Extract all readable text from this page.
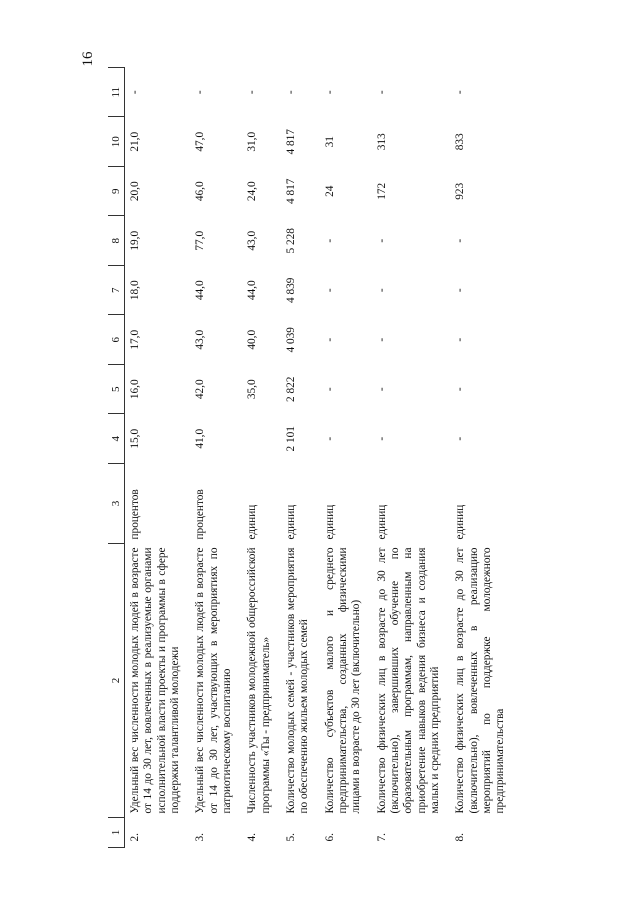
16
1	2	3	4	5	6	7	8	9	10	11
2.	Удельный вес численности молодых людей в возрасте от 14 до 30 лет, вовлеченных в реализуемые органами исполнительной власти проекты и программы в сфере поддержки талантливой молодежи	процентов	15,0	16,0	17,0	18,0	19,0	20,0	21,0	-
3.	Удельный вес численности молодых людей в возрасте от 14 до 30 лет, участвующих в мероприятиях по патриотическому воспитанию	процентов	41,0	42,0	43,0	44,0	77,0	46,0	47,0	-
4.	Численность участников молодежной общероссийской программы «Ты - предприниматель»	единиц		35,0	40,0	44,0	43,0	24,0	31,0	-
5.	Количество молодых семей - участников мероприятия по обеспечению жильем молодых семей	единиц	2 101	2 822	4 039	4 839	5 228	4 817	4 817	-
6.	Количество субъектов малого и среднего предпринимательства, созданных физическими лицами в возрасте до 30 лет (включительно)	единиц	-	-	-	-	-	24	31	-
7.	Количество физических лиц в возрасте до 30 лет (включительно), завершивших обучение по образовательным программам, направленным на приобретение навыков ведения бизнеса и создания малых и средних предприятий	единиц	-	-	-	-	-	172	313	-
8.	Количество физических лиц в возрасте до 30 лет (включительно), вовлеченных в реализацию мероприятий по поддержке молодежного предпринимательства	единиц	-	-	-	-	-	923	833	-
